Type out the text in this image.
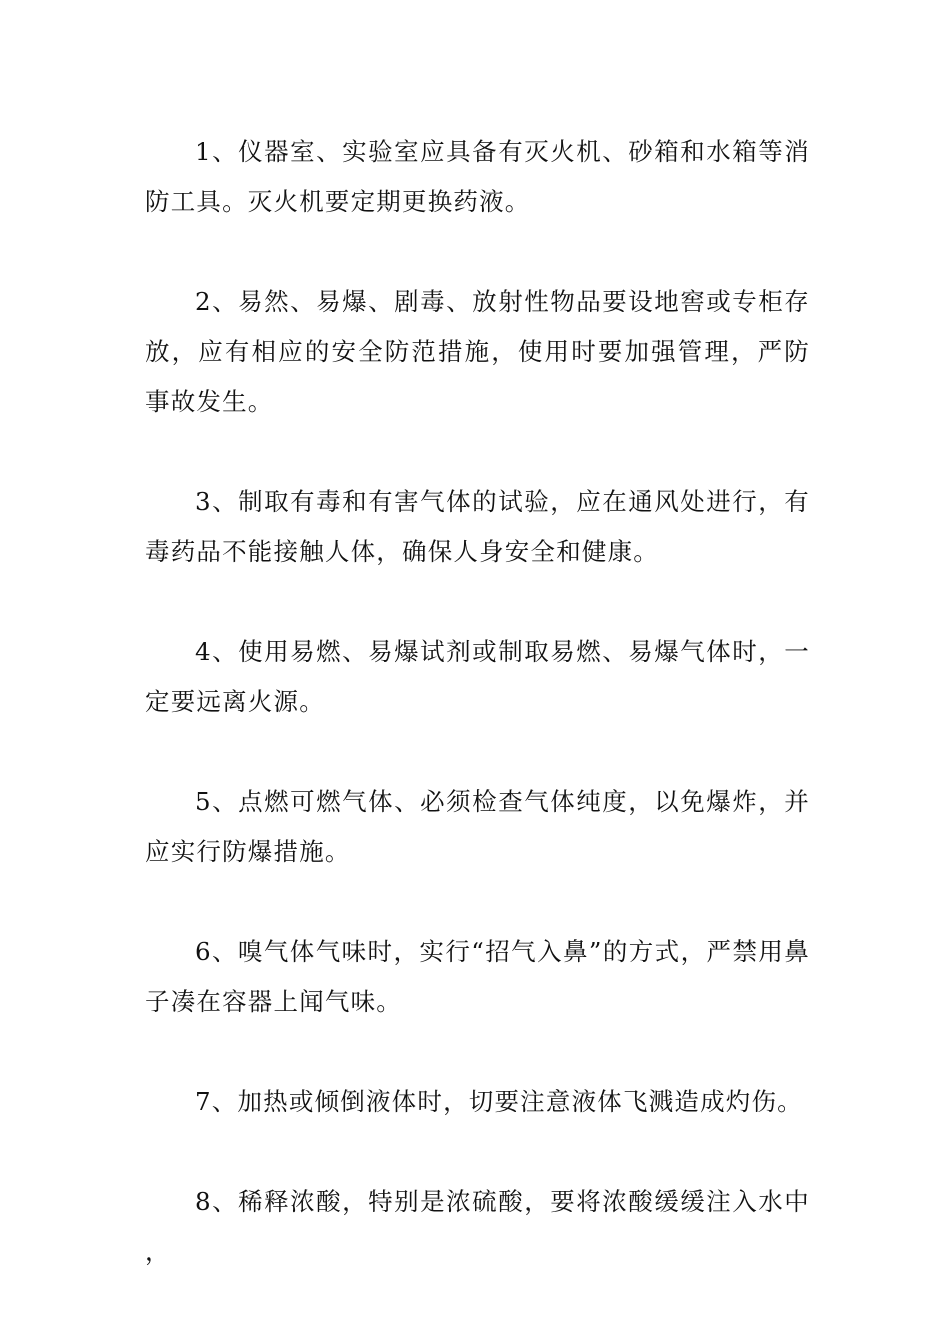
1、仪器室、实验室应具备有灭火机、砂箱和水箱等消防工具。灭火机要定期更换药液。

2、易然、易爆、剧毒、放射性物品要设地窖或专柜存放，应有相应的安全防范措施，使用时要加强管理，严防事故发生。

3、制取有毒和有害气体的试验，应在通风处进行，有毒药品不能接触人体，确保人身安全和健康。

4、使用易燃、易爆试剂或制取易燃、易爆气体时，一定要远离火源。

5、点燃可燃气体、必须检查气体纯度，以免爆炸，并应实行防爆措施。

6、嗅气体气味时，实行“招气入鼻”的方式，严禁用鼻子凑在容器上闻气味。

7、加热或倾倒液体时，切要注意液体飞溅造成灼伤。

8、稀释浓酸，特别是浓硫酸，要将浓酸缓缓注入水中，
